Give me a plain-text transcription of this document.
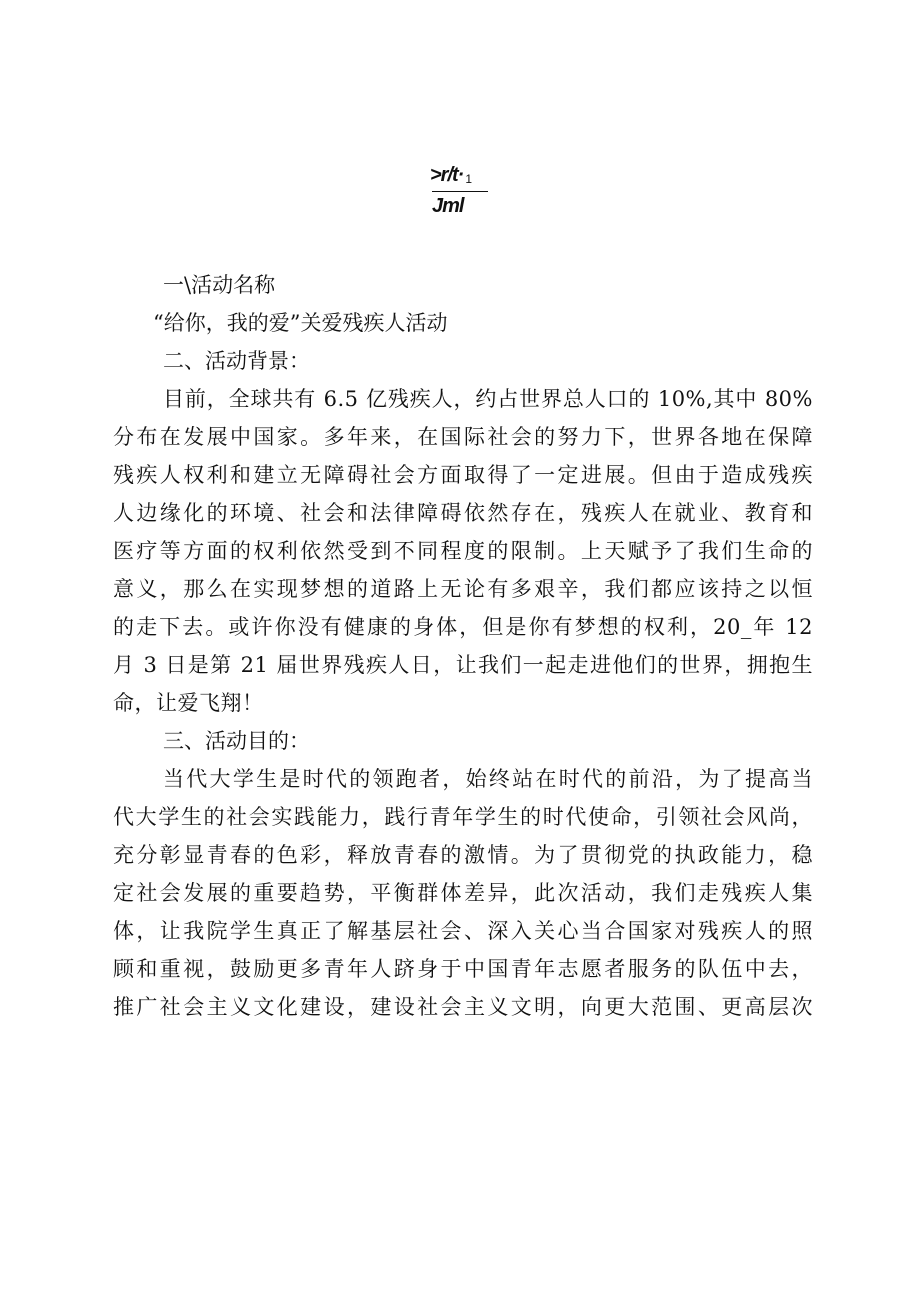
>r/t· $_1$
Jml

一\活动名称

“给你，我的爱”关爱残疾人活动

二、活动背景：

目前，全球共有 6.5 亿残疾人，约占世界总人口的 10%,其中 80%

分布在发展中国家。多年来，在国际社会的努力下，世界各地在保障

残疾人权利和建立无障碍社会方面取得了一定进展。但由于造成残疾

人边缘化的环境、社会和法律障碍依然存在，残疾人在就业、教育和

医疗等方面的权利依然受到不同程度的限制。上天赋予了我们生命的

意义，那么在实现梦想的道路上无论有多艰辛，我们都应该持之以恒

的走下去。或许你没有健康的身体，但是你有梦想的权利，20_年 12

月 3 日是第 21 届世界残疾人日，让我们一起走进他们的世界，拥抱生

命，让爱飞翔！

三、活动目的：

当代大学生是时代的领跑者，始终站在时代的前沿，为了提高当

代大学生的社会实践能力，践行青年学生的时代使命，引领社会风尚，

充分彰显青春的色彩，释放青春的激情。为了贯彻党的执政能力，稳

定社会发展的重要趋势，平衡群体差异，此次活动，我们走残疾人集

体，让我院学生真正了解基层社会、深入关心当合国家对残疾人的照

顾和重视，鼓励更多青年人跻身于中国青年志愿者服务的队伍中去，

推广社会主义文化建设，建设社会主义文明，向更大范围、更高层次
